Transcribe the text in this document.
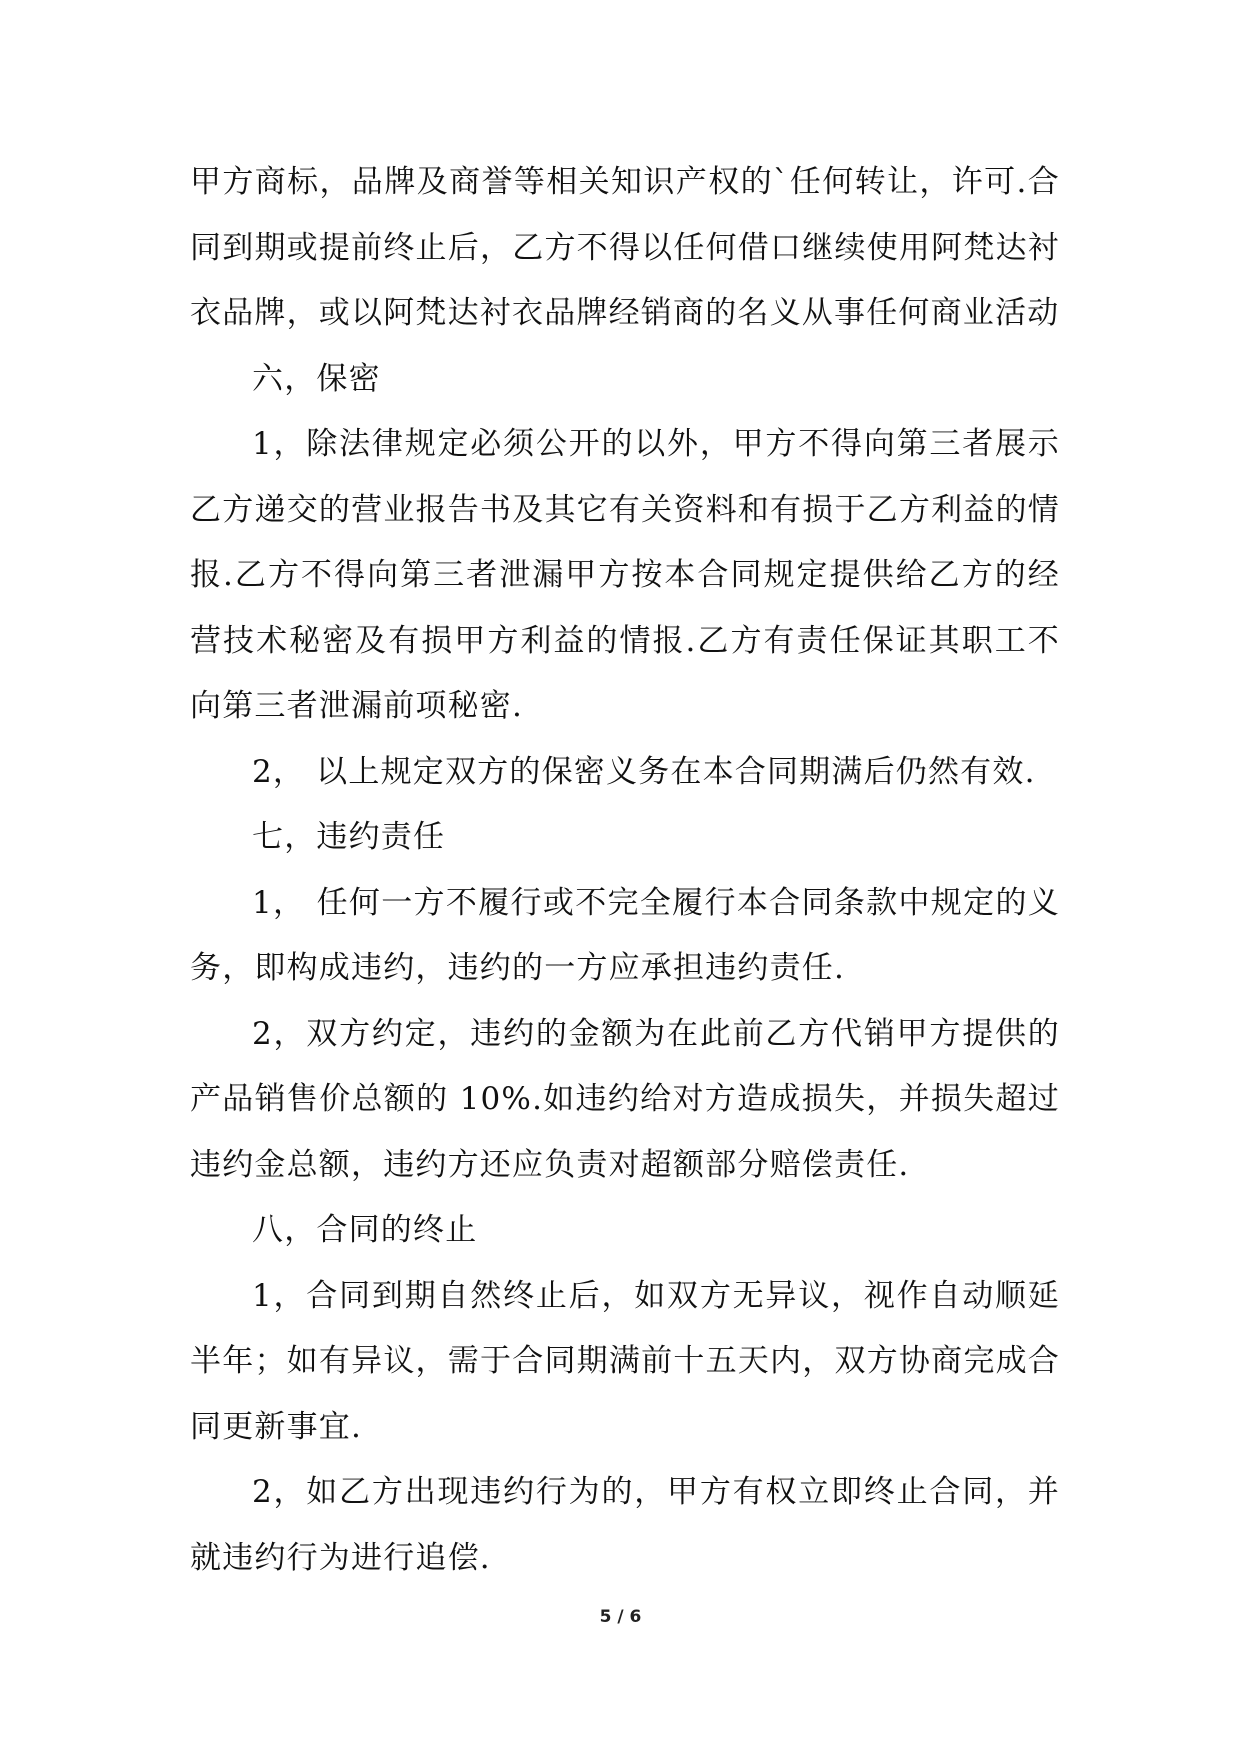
甲方商标，品牌及商誉等相关知识产权的`任何转让，许可.合同到期或提前终止后，乙方不得以任何借口继续使用阿梵达衬衣品牌，或以阿梵达衬衣品牌经销商的名义从事任何商业活动

六，保密

1，除法律规定必须公开的以外，甲方不得向第三者展示乙方递交的营业报告书及其它有关资料和有损于乙方利益的情报.乙方不得向第三者泄漏甲方按本合同规定提供给乙方的经营技术秘密及有损甲方利益的情报.乙方有责任保证其职工不向第三者泄漏前项秘密.

2， 以上规定双方的保密义务在本合同期满后仍然有效.

七，违约责任

1， 任何一方不履行或不完全履行本合同条款中规定的义务，即构成违约，违约的一方应承担违约责任.

2，双方约定，违约的金额为在此前乙方代销甲方提供的产品销售价总额的 10%.如违约给对方造成损失，并损失超过违约金总额，违约方还应负责对超额部分赔偿责任.

八，合同的终止

1，合同到期自然终止后，如双方无异议，视作自动顺延半年；如有异议，需于合同期满前十五天内，双方协商完成合同更新事宜.

2，如乙方出现违约行为的，甲方有权立即终止合同，并就违约行为进行追偿.

5 / 6
